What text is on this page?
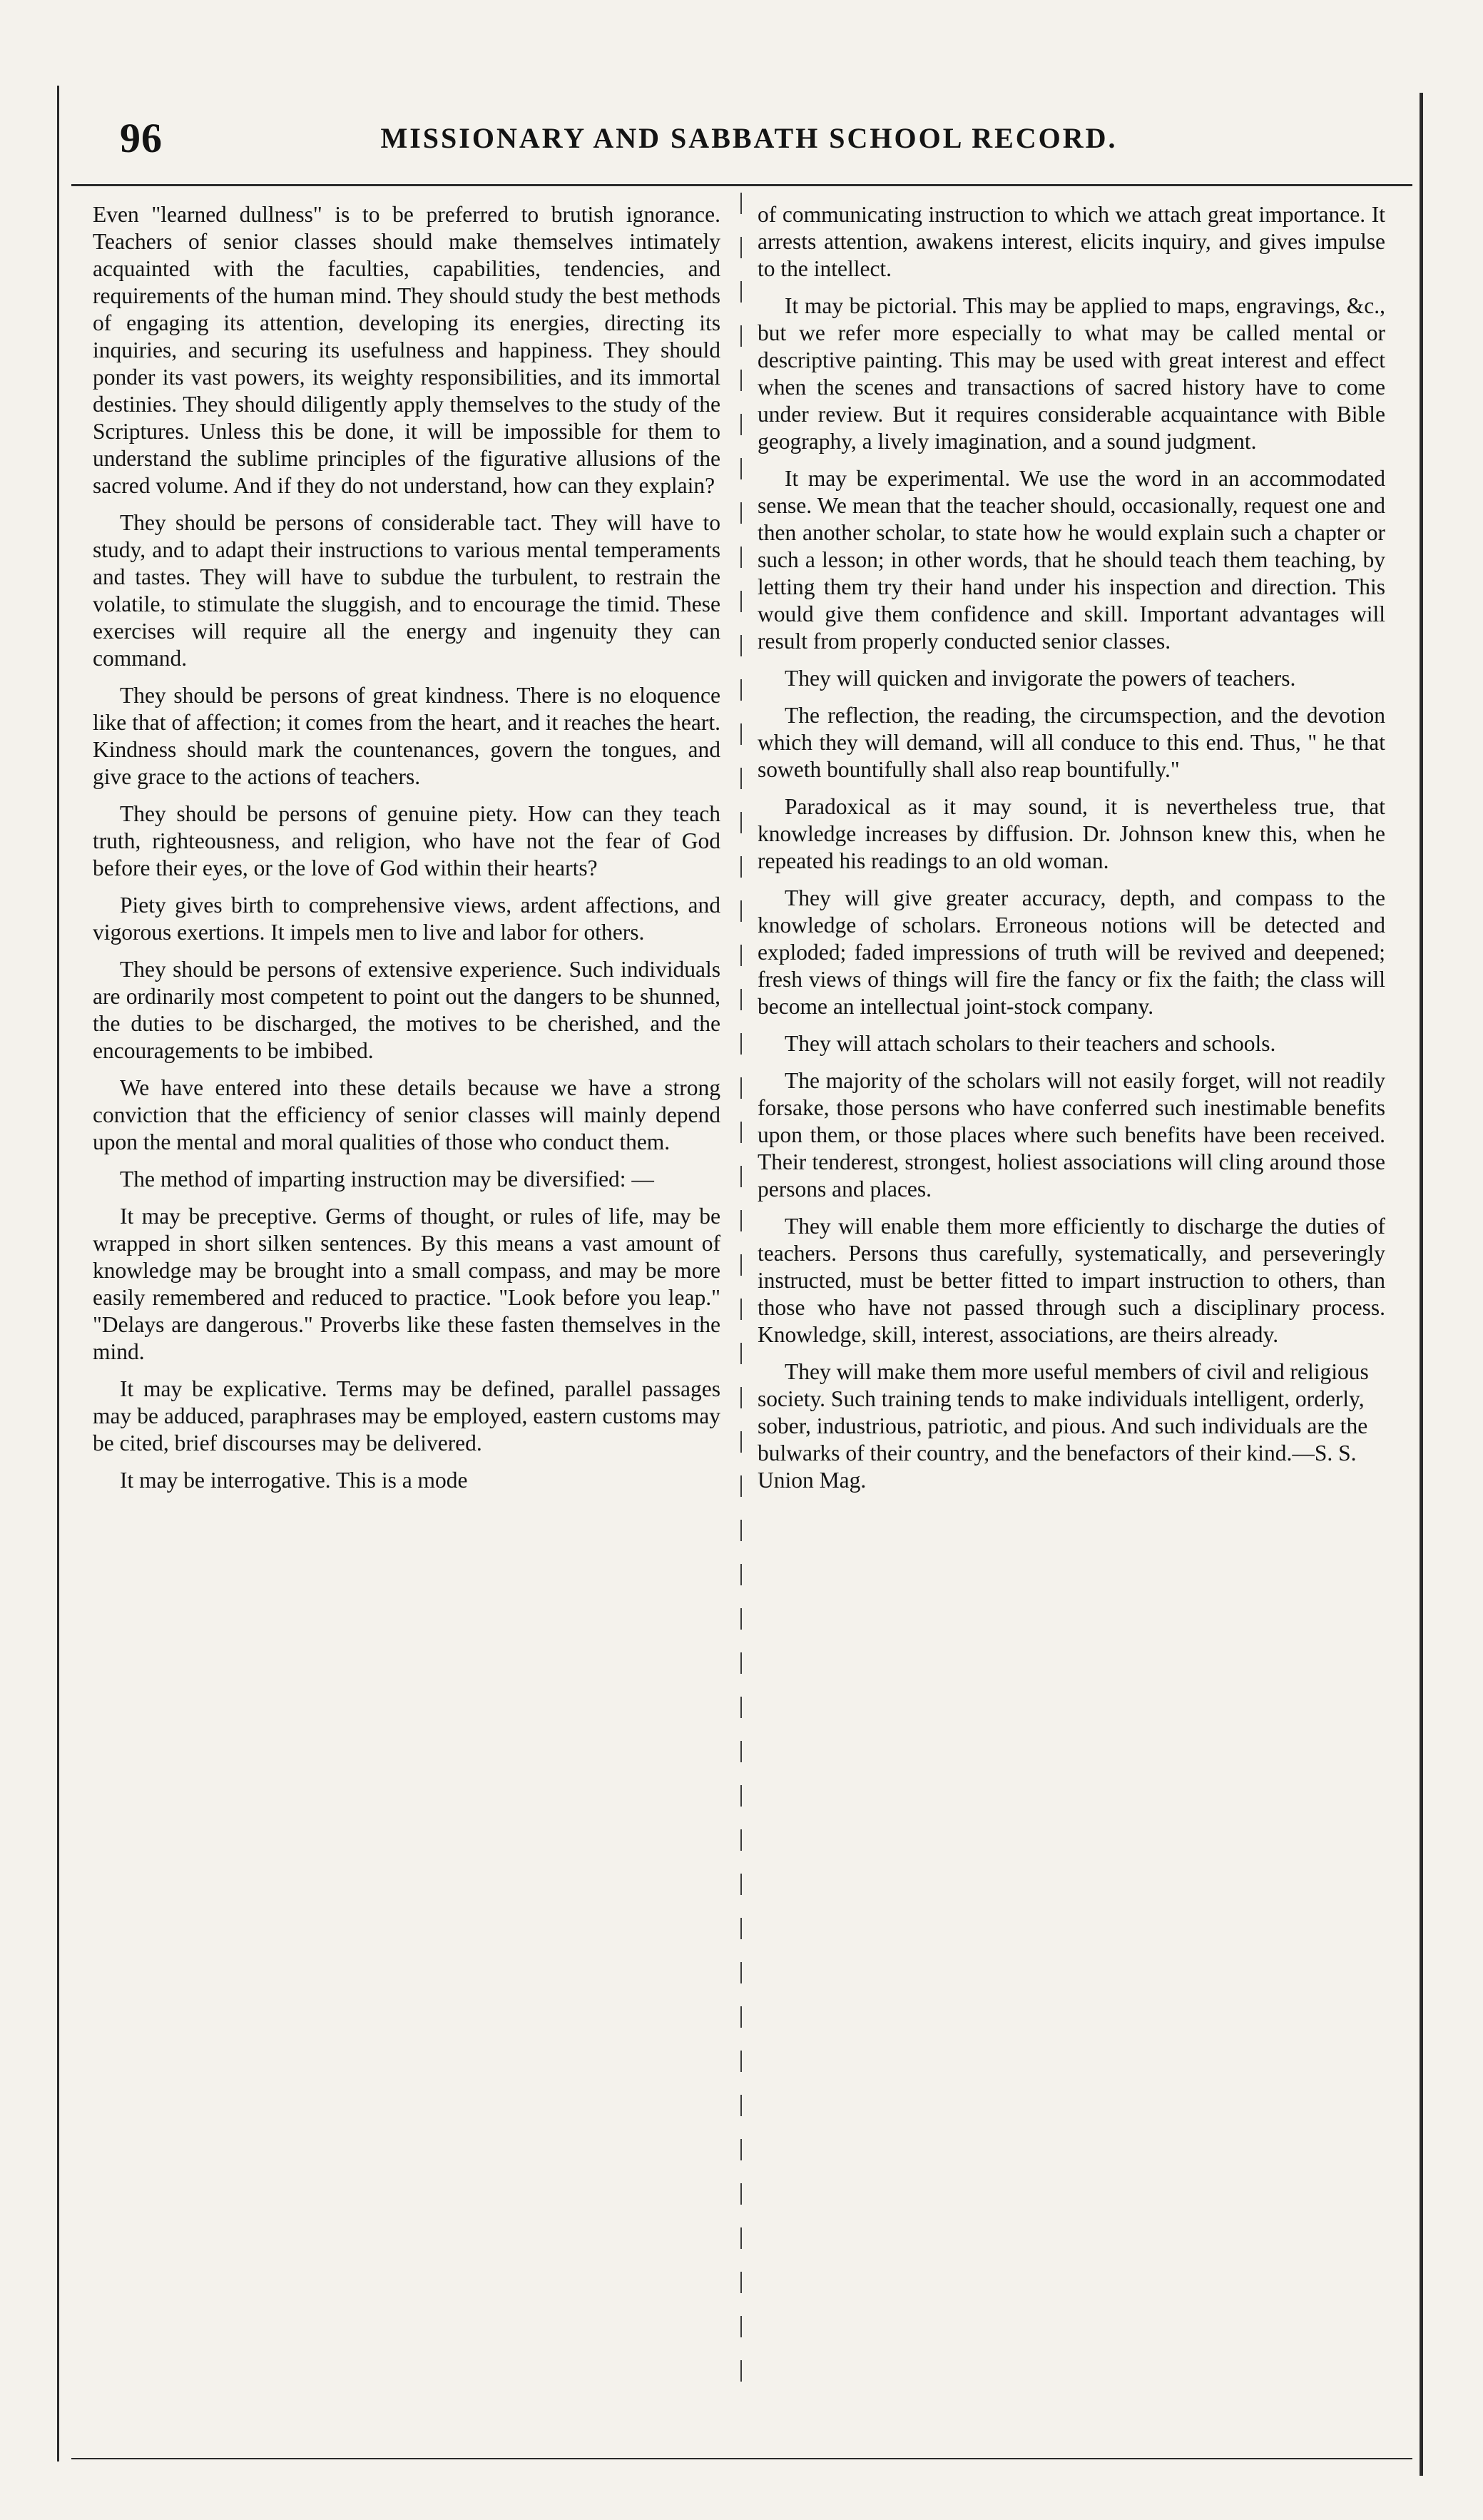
96	MISSIONARY AND SABBATH SCHOOL RECORD.

Even "learned dullness" is to be preferred to brutish ignorance. Teachers of senior classes should make themselves intimately acquainted with the faculties, capabilities, tendencies, and requirements of the human mind. They should study the best methods of engaging its attention, developing its energies, directing its inquiries, and securing its usefulness and happiness. They should ponder its vast powers, its weighty responsibilities, and its immortal destinies. They should diligently apply themselves to the study of the Scriptures. Unless this be done, it will be impossible for them to understand the sublime principles of the figurative allusions of the sacred volume. And if they do not understand, how can they explain?

They should be persons of considerable tact. They will have to study, and to adapt their instructions to various mental temperaments and tastes. They will have to subdue the turbulent, to restrain the volatile, to stimulate the sluggish, and to encourage the timid. These exercises will require all the energy and ingenuity they can command.

They should be persons of great kindness. There is no eloquence like that of affection; it comes from the heart, and it reaches the heart. Kindness should mark the countenances, govern the tongues, and give grace to the actions of teachers.

They should be persons of genuine piety. How can they teach truth, righteousness, and religion, who have not the fear of God before their eyes, or the love of God within their hearts?

Piety gives birth to comprehensive views, ardent affections, and vigorous exertions. It impels men to live and labor for others.

They should be persons of extensive experience. Such individuals are ordinarily most competent to point out the dangers to be shunned, the duties to be discharged, the motives to be cherished, and the encouragements to be imbibed.

We have entered into these details because we have a strong conviction that the efficiency of senior classes will mainly depend upon the mental and moral qualities of those who conduct them.

The method of imparting instruction may be diversified: —

It may be preceptive. Germs of thought, or rules of life, may be wrapped in short silken sentences. By this means a vast amount of knowledge may be brought into a small compass, and may be more easily remembered and reduced to practice. "Look before you leap." "Delays are dangerous." Proverbs like these fasten themselves in the mind.

It may be explicative. Terms may be defined, parallel passages may be adduced, paraphrases may be employed, eastern customs may be cited, brief discourses may be delivered.

It may be interrogative. This is a mode

of communicating instruction to which we attach great importance. It arrests attention, awakens interest, elicits inquiry, and gives impulse to the intellect.

It may be pictorial. This may be applied to maps, engravings, &c., but we refer more especially to what may be called mental or descriptive painting. This may be used with great interest and effect when the scenes and transactions of sacred history have to come under review. But it requires considerable acquaintance with Bible geography, a lively imagination, and a sound judgment.

It may be experimental. We use the word in an accommodated sense. We mean that the teacher should, occasionally, request one and then another scholar, to state how he would explain such a chapter or such a lesson; in other words, that he should teach them teaching, by letting them try their hand under his inspection and direction. This would give them confidence and skill. Important advantages will result from properly conducted senior classes.

They will quicken and invigorate the powers of teachers.

The reflection, the reading, the circumspection, and the devotion which they will demand, will all conduce to this end. Thus, " he that soweth bountifully shall also reap bountifully."

Paradoxical as it may sound, it is nevertheless true, that knowledge increases by diffusion. Dr. Johnson knew this, when he repeated his readings to an old woman.

They will give greater accuracy, depth, and compass to the knowledge of scholars. Erroneous notions will be detected and exploded; faded impressions of truth will be revived and deepened; fresh views of things will fire the fancy or fix the faith; the class will become an intellectual joint-stock company.

They will attach scholars to their teachers and schools.

The majority of the scholars will not easily forget, will not readily forsake, those persons who have conferred such inestimable benefits upon them, or those places where such benefits have been received. Their tenderest, strongest, holiest associations will cling around those persons and places.

They will enable them more efficiently to discharge the duties of teachers. Persons thus carefully, systematically, and perseveringly instructed, must be better fitted to impart instruction to others, than those who have not passed through such a disciplinary process. Knowledge, skill, interest, associations, are theirs already.

They will make them more useful members of civil and religious society. Such training tends to make individuals intelligent, orderly, sober, industrious, patriotic, and pious. And such individuals are the bulwarks of their country, and the benefactors of their kind.—S. S. Union Mag.
